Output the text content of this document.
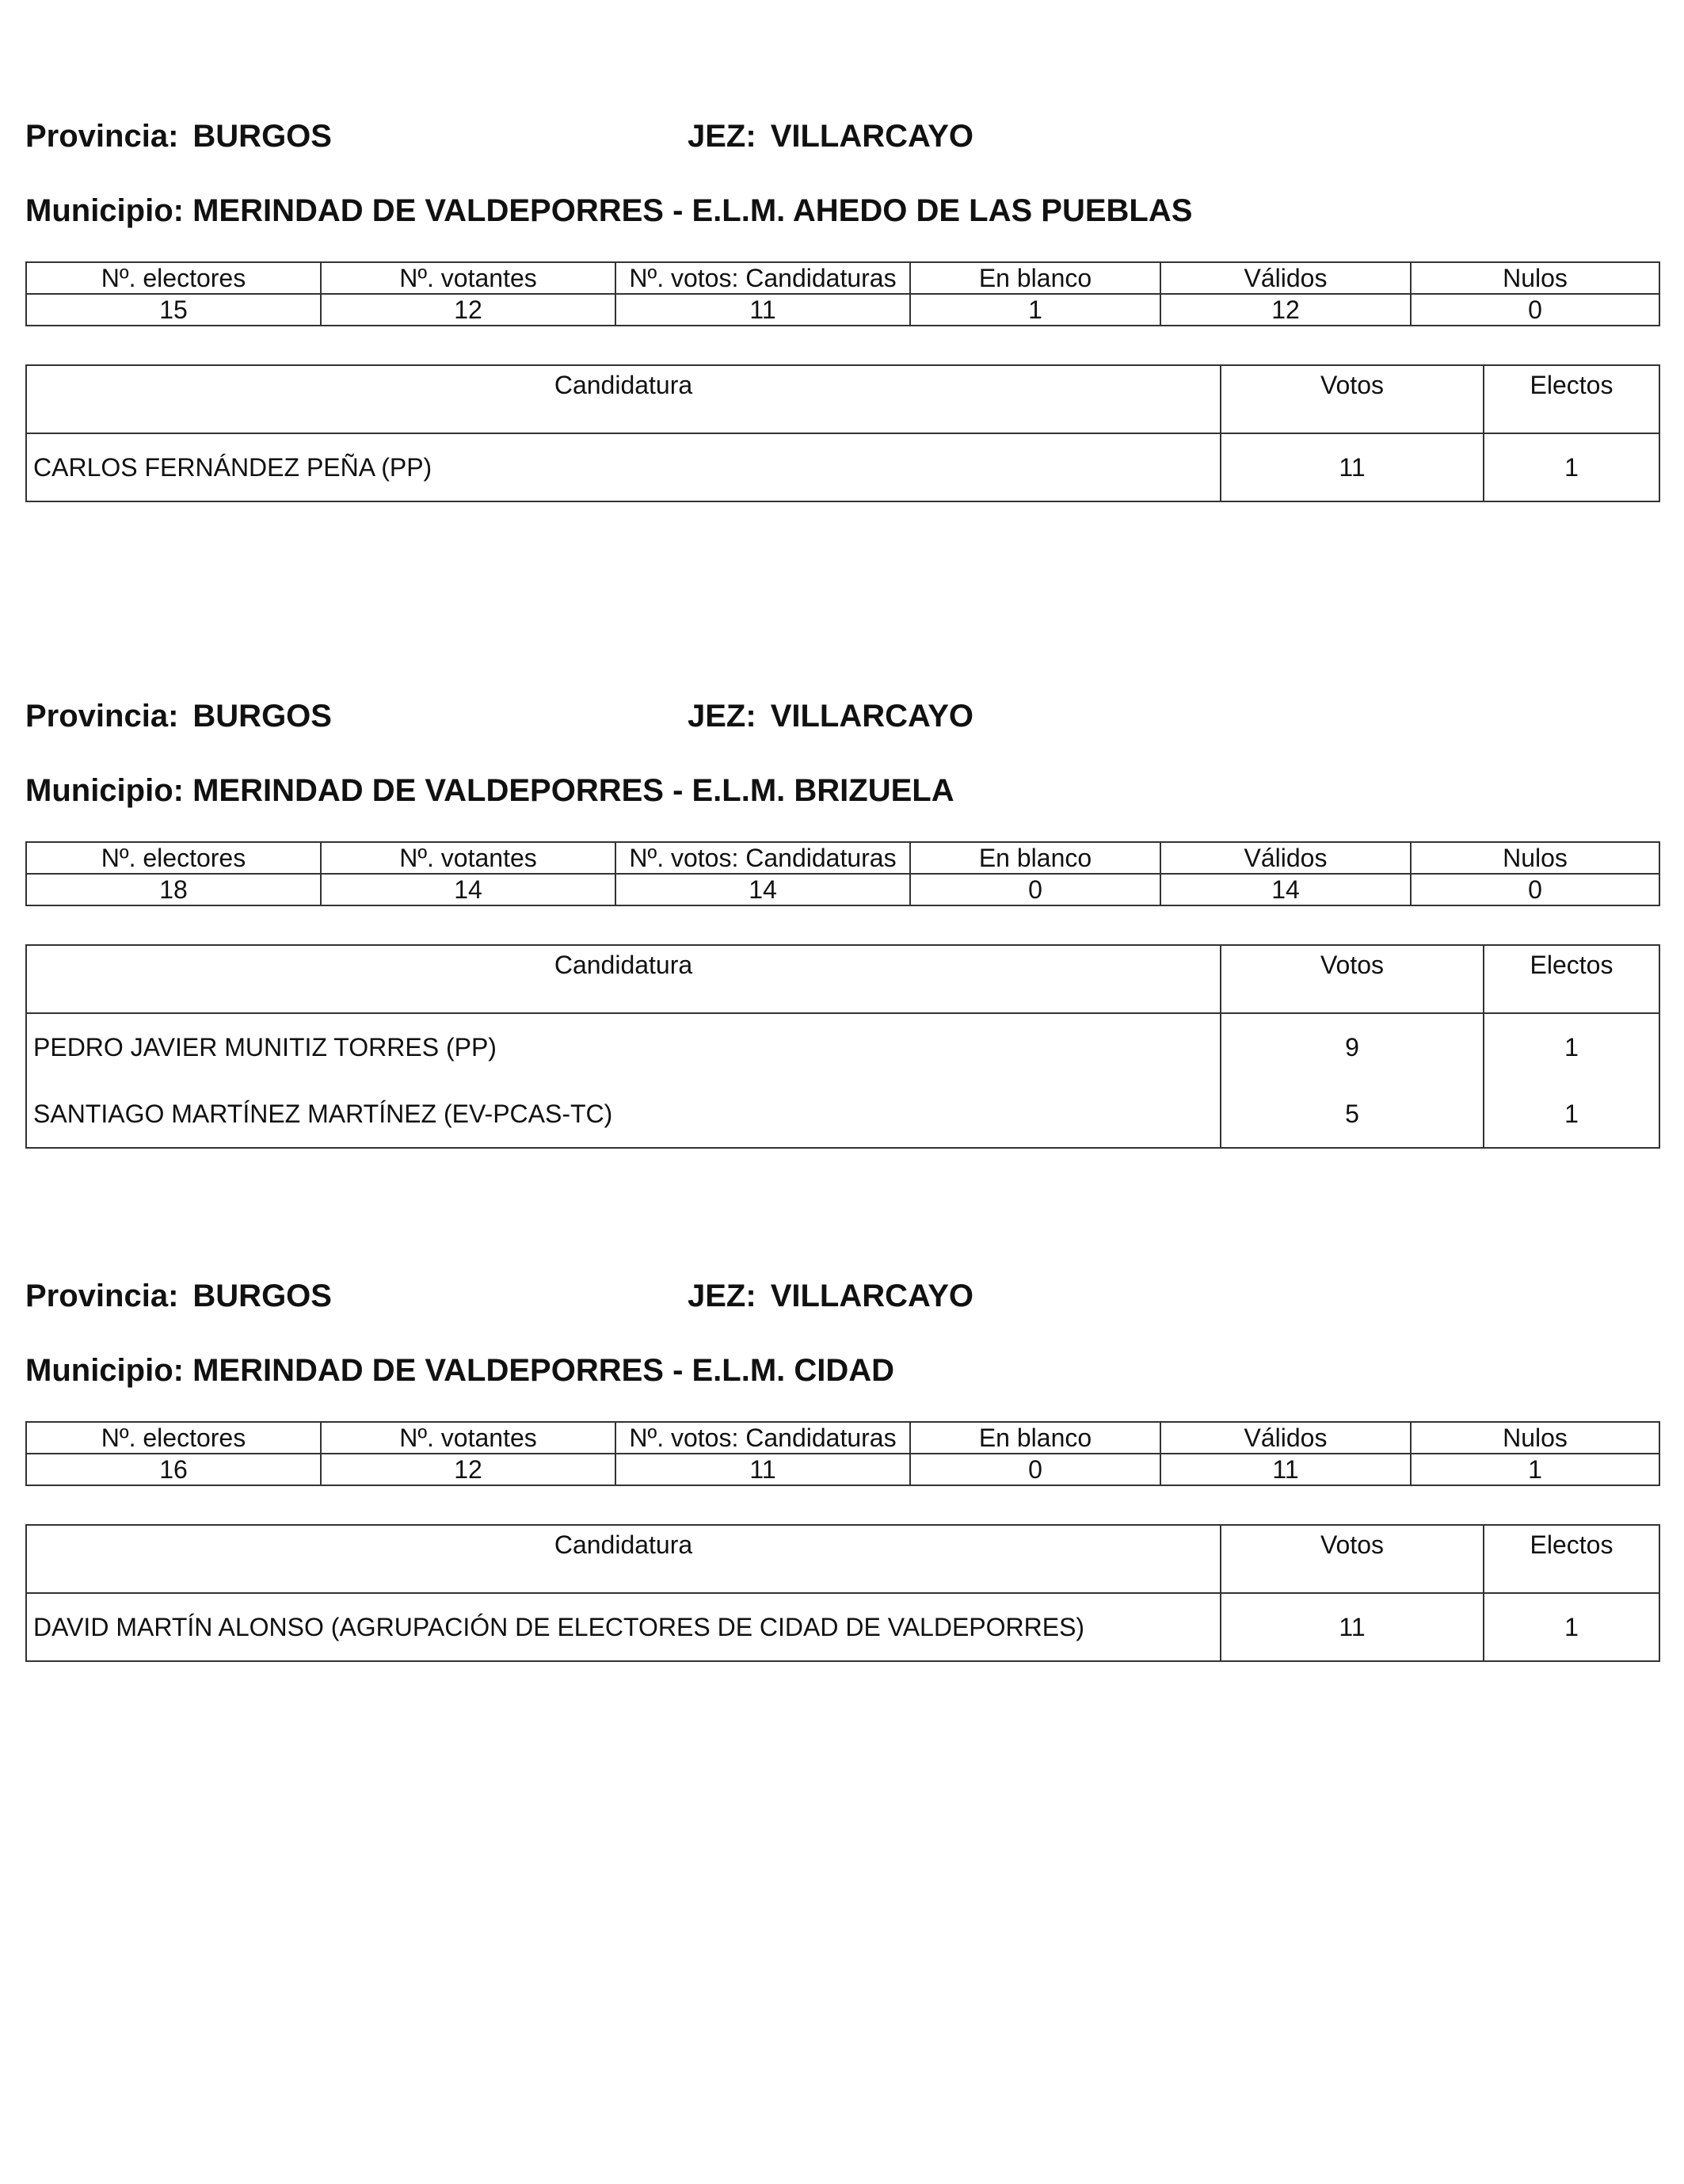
Provincia: BURGOS	JEZ: VILLARCAYO
Municipio: MERINDAD DE VALDEPORRES - E.L.M. AHEDO DE LAS PUEBLAS
Nº. electores	Nº. votantes	Nº. votos: Candidaturas	En blanco	Válidos	Nulos
15	12	11	1	12	0
Candidatura	Votos	Electos
CARLOS FERNÁNDEZ PEÑA (PP)	11	1
Provincia: BURGOS	JEZ: VILLARCAYO
Municipio: MERINDAD DE VALDEPORRES - E.L.M. BRIZUELA
Nº. electores	Nº. votantes	Nº. votos: Candidaturas	En blanco	Válidos	Nulos
18	14	14	0	14	0
Candidatura	Votos	Electos
PEDRO JAVIER MUNITIZ TORRES (PP)	9	1
SANTIAGO MARTÍNEZ MARTÍNEZ (EV-PCAS-TC)	5	1
Provincia: BURGOS	JEZ: VILLARCAYO
Municipio: MERINDAD DE VALDEPORRES - E.L.M. CIDAD
Nº. electores	Nº. votantes	Nº. votos: Candidaturas	En blanco	Válidos	Nulos
16	12	11	0	11	1
Candidatura	Votos	Electos
DAVID MARTÍN ALONSO (AGRUPACIÓN DE ELECTORES DE CIDAD DE VALDEPORRES)	11	1
